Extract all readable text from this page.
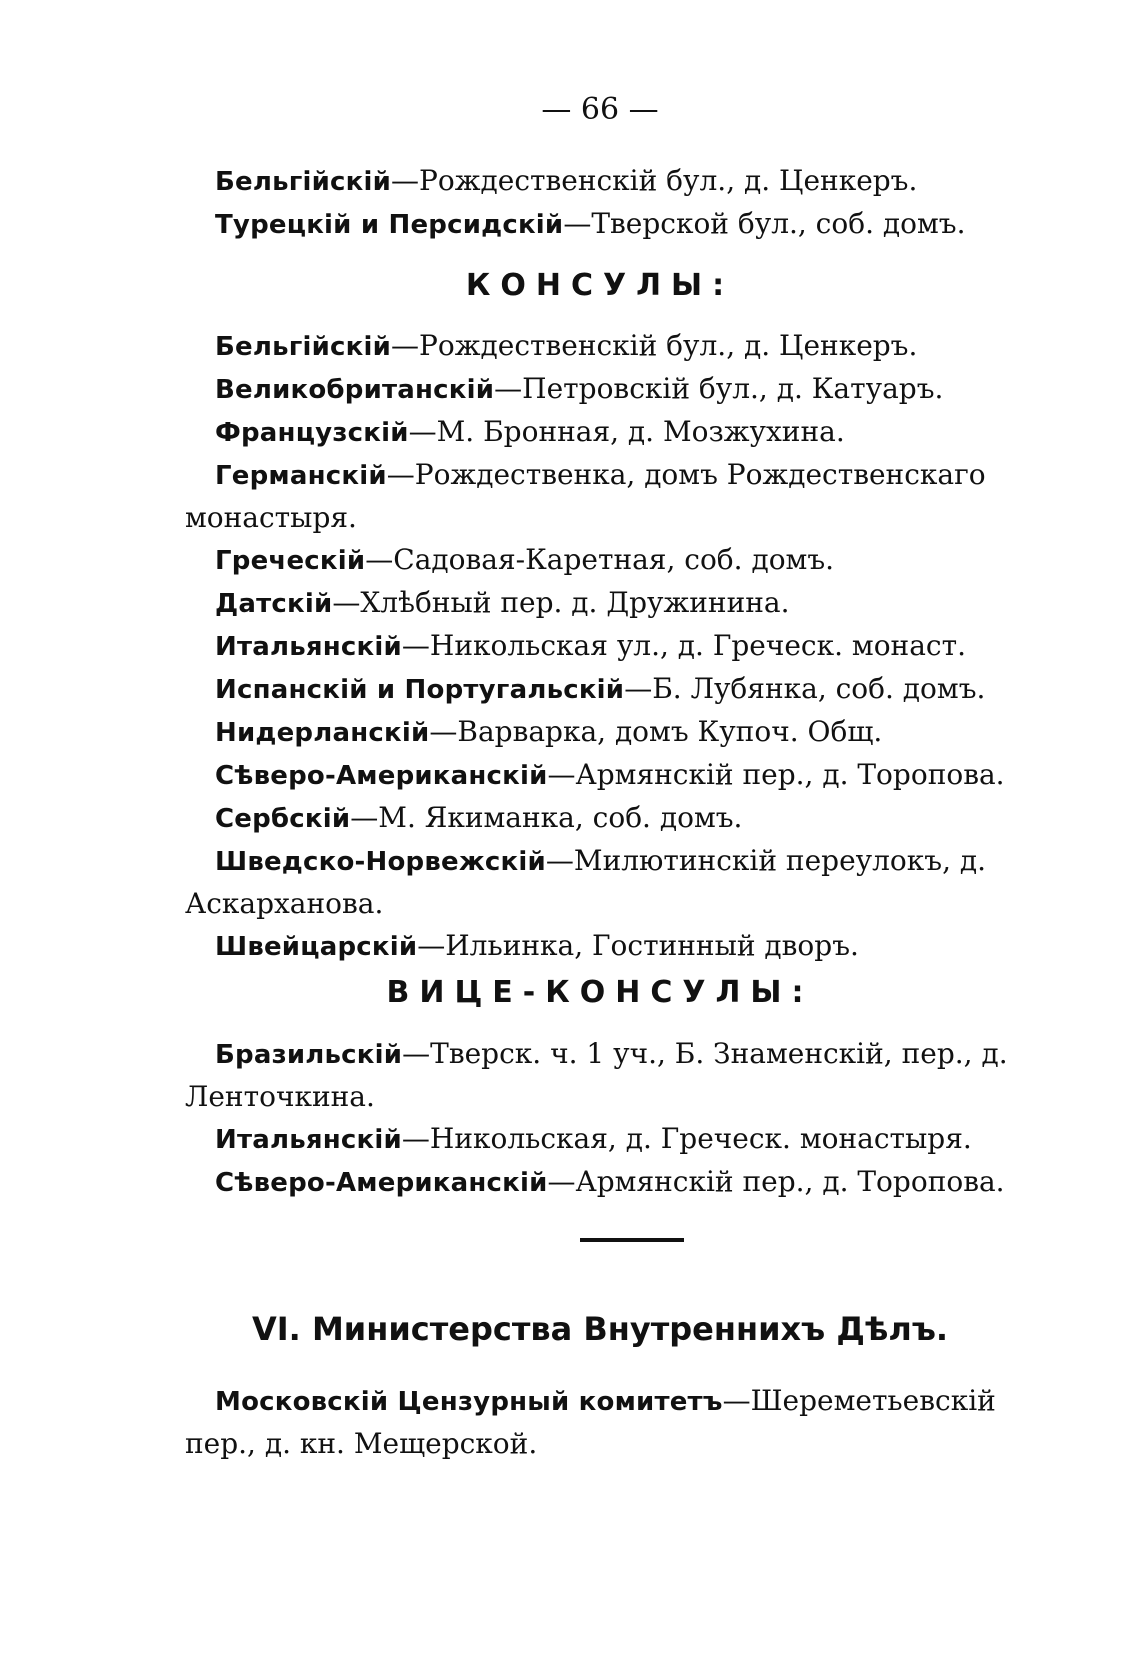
— 66 —

Бельгійскій—Рождественскій бул., д. Ценкеръ.

Турецкій и Персидскій—Тверской бул., соб. домъ.

КОНСУЛЫ:

Бельгійскій—Рождественскій бул., д. Ценкеръ.

Великобританскій—Петровскій бул., д. Катуаръ.

Французскій—М. Бронная, д. Мозжухина.

Германскій—Рождественка, домъ Рождественскаго монастыря.

Греческій—Садовая-Каретная, соб. домъ.

Датскій—Хлѣбный пер. д. Дружинина.

Итальянскій—Никольская ул., д. Греческ. монаст.

Испанскій и Португальскій—Б. Лубянка, соб. домъ.

Нидерланскій—Варварка, домъ Купоч. Общ.

Сѣверо-Американскій—Армянскій пер., д. Торопова.

Сербскій—М. Якиманка, соб. домъ.

Шведско-Норвежскій—Милютинскій переулокъ, д. Аскарханова.

Швейцарскій—Ильинка, Гостинный дворъ.

ВИЦЕ-КОНСУЛЫ:

Бразильскій—Тверск. ч. 1 уч., Б. Знаменскій, пер., д. Ленточкина.

Итальянскій—Никольская, д. Греческ. монастыря.

Сѣверо-Американскій—Армянскій пер., д. Торопова.

VI. Министерства Внутреннихъ Дѣлъ.

Московскій Цензурный комитетъ—Шереметьевскій пер., д. кн. Мещерской.
